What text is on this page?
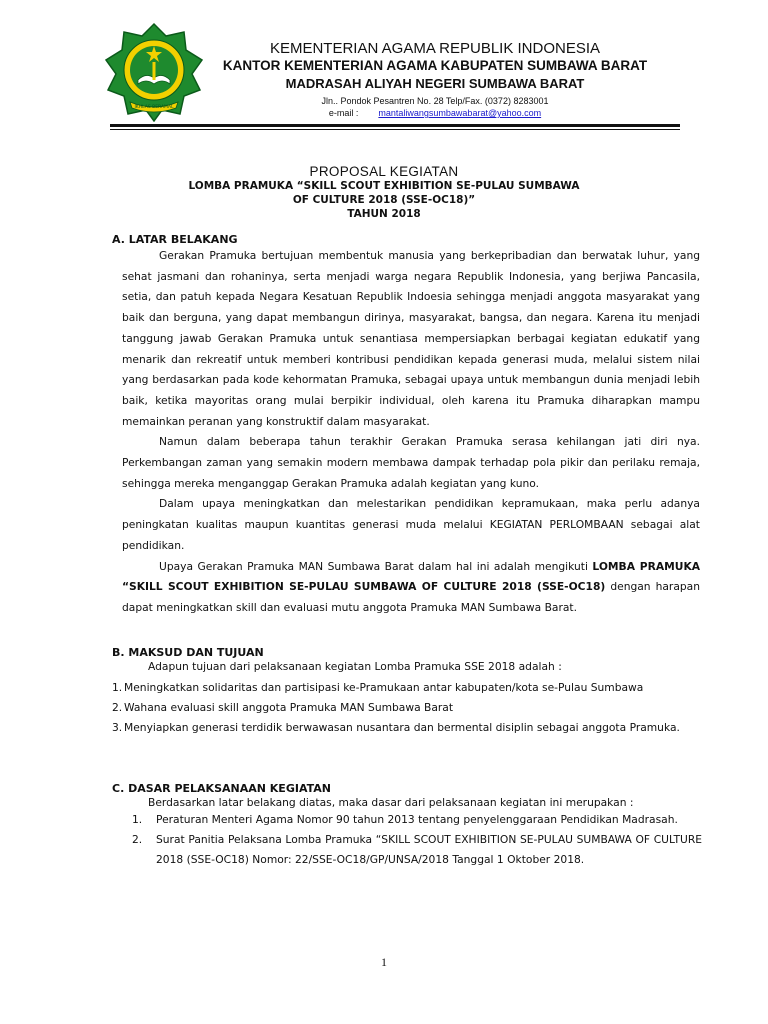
IKHLAS BERAMAL
KEMENTERIAN AGAMA REPUBLIK INDONESIA
KANTOR KEMENTERIAN AGAMA KABUPATEN SUMBAWA BARAT
MADRASAH ALIYAH NEGERI SUMBAWA BARAT
Jln.. Pondok Pesantren No. 28 Telp/Fax. (0372) 8283001
e-mail : mantaliwangsumbawabarat@yahoo.com
PROPOSAL KEGIATAN
LOMBA PRAMUKA “SKILL SCOUT EXHIBITION SE-PULAU SUMBAWA
OF CULTURE 2018 (SSE-OC18)”
TAHUN 2018
A. LATAR BELAKANG

Gerakan Pramuka bertujuan membentuk manusia yang berkepribadian dan berwatak luhur, yang sehat jasmani dan rohaninya, serta menjadi warga negara Republik Indonesia, yang berjiwa Pancasila, setia, dan patuh kepada Negara Kesatuan Republik Indoesia sehingga menjadi anggota masyarakat yang baik dan berguna, yang dapat membangun dirinya, masyarakat, bangsa, dan negara. Karena itu menjadi tanggung jawab Gerakan Pramuka untuk senantiasa mempersiapkan berbagai kegiatan edukatif yang menarik dan rekreatif untuk memberi kontribusi pendidikan kepada generasi muda, melalui sistem nilai yang berdasarkan pada kode kehormatan Pramuka, sebagai upaya untuk membangun dunia menjadi lebih baik, ketika mayoritas orang mulai berpikir individual, oleh karena itu Pramuka diharapkan mampu memainkan peranan yang konstruktif dalam masyarakat.

Namun dalam beberapa tahun terakhir Gerakan Pramuka serasa kehilangan jati diri nya. Perkembangan zaman yang semakin modern membawa dampak terhadap pola pikir dan perilaku remaja, sehingga mereka menganggap Gerakan Pramuka adalah kegiatan yang kuno.

Dalam upaya meningkatkan dan melestarikan pendidikan kepramukaan, maka perlu adanya peningkatan kualitas maupun kuantitas generasi muda melalui KEGIATAN PERLOMBAAN sebagai alat pendidikan.

Upaya Gerakan Pramuka MAN Sumbawa Barat dalam hal ini adalah mengikuti LOMBA PRAMUKA “SKILL SCOUT EXHIBITION SE-PULAU SUMBAWA OF CULTURE 2018 (SSE-OC18) dengan harapan dapat meningkatkan skill dan evaluasi mutu anggota Pramuka MAN Sumbawa Barat.

B. MAKSUD DAN TUJUAN
Adapun tujuan dari pelaksanaan kegiatan Lomba Pramuka SSE 2018 adalah :
1. Meningkatkan solidaritas dan partisipasi ke-Pramukaan antar kabupaten/kota se-Pulau Sumbawa
2. Wahana evaluasi skill anggota Pramuka MAN Sumbawa Barat
3. Menyiapkan generasi terdidik berwawasan nusantara dan bermental disiplin sebagai anggota Pramuka.
C. DASAR PELAKSANAAN KEGIATAN
Berdasarkan latar belakang diatas, maka dasar dari pelaksanaan kegiatan ini merupakan :
1. Peraturan Menteri Agama Nomor 90 tahun 2013 tentang penyelenggaraan Pendidikan Madrasah.
2. Surat Panitia Pelaksana Lomba Pramuka “SKILL SCOUT EXHIBITION SE-PULAU SUMBAWA OF CULTURE 2018 (SSE-OC18) Nomor: 22/SSE-OC18/GP/UNSA/2018 Tanggal 1 Oktober 2018.
1
